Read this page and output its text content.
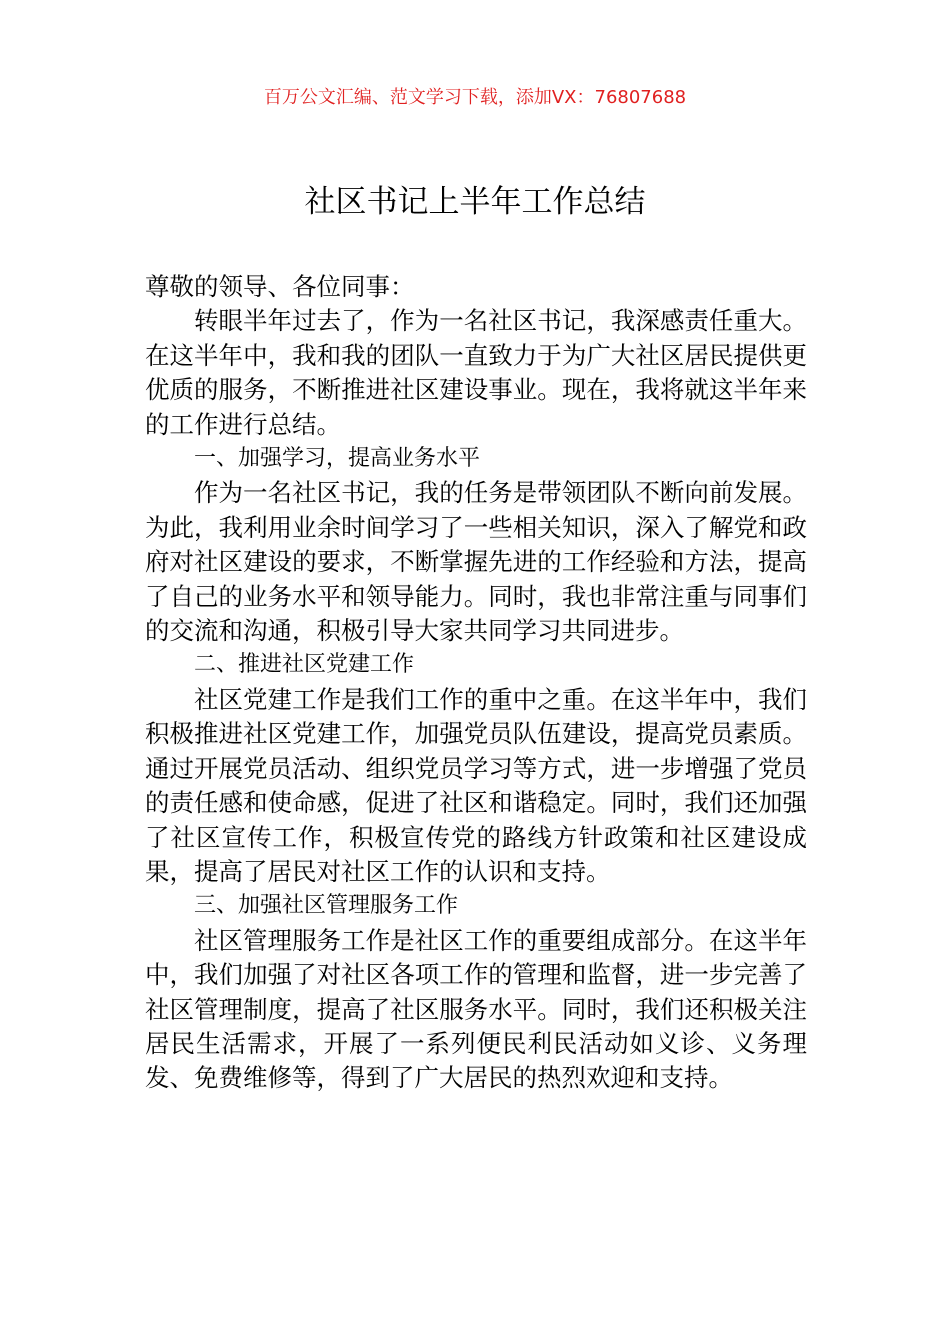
百万公文汇编、范文学习下载，添加VX：76807688

社区书记上半年工作总结

尊敬的领导、各位同事：

转眼半年过去了，作为一名社区书记，我深感责任重大。在这半年中，我和我的团队一直致力于为广大社区居民提供更优质的服务，不断推进社区建设事业。现在，我将就这半年来的工作进行总结。

一、加强学习，提高业务水平

作为一名社区书记，我的任务是带领团队不断向前发展。为此，我利用业余时间学习了一些相关知识，深入了解党和政府对社区建设的要求，不断掌握先进的工作经验和方法，提高了自己的业务水平和领导能力。同时，我也非常注重与同事们的交流和沟通，积极引导大家共同学习共同进步。

二、推进社区党建工作

社区党建工作是我们工作的重中之重。在这半年中，我们积极推进社区党建工作，加强党员队伍建设，提高党员素质。通过开展党员活动、组织党员学习等方式，进一步增强了党员的责任感和使命感，促进了社区和谐稳定。同时，我们还加强了社区宣传工作，积极宣传党的路线方针政策和社区建设成果，提高了居民对社区工作的认识和支持。

三、加强社区管理服务工作

社区管理服务工作是社区工作的重要组成部分。在这半年中，我们加强了对社区各项工作的管理和监督，进一步完善了社区管理制度，提高了社区服务水平。同时，我们还积极关注居民生活需求，开展了一系列便民利民活动如义诊、义务理发、免费维修等，得到了广大居民的热烈欢迎和支持。
